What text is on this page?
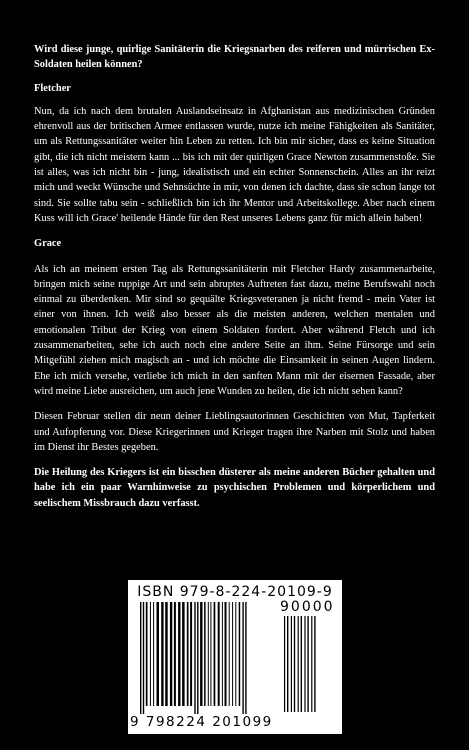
Wird diese junge, quirlige Sanitäterin die Kriegsnarben des reiferen und mürrischen Ex-Soldaten heilen können?

Fletcher

Nun, da ich nach dem brutalen Auslandseinsatz in Afghanistan aus medizinischen Gründen ehrenvoll aus der britischen Armee entlassen wurde, nutze ich meine Fähigkeiten als Sanitäter, um als Rettungssanitäter weiter hin Leben zu retten. Ich bin mir sicher, dass es keine Situation gibt, die ich nicht meistern kann ... bis ich mit der quirligen Grace Newton zusammenstoße. Sie ist alles, was ich nicht bin - jung, idealistisch und ein echter Sonnenschein. Alles an ihr reizt mich und weckt Wünsche und Sehnsüchte in mir, von denen ich dachte, dass sie schon lange tot sind. Sie sollte tabu sein - schließlich bin ich ihr Mentor und Arbeitskollege. Aber nach einem Kuss will ich Grace' heilende Hände für den Rest unseres Lebens ganz für mich allein haben!

Grace

Als ich an meinem ersten Tag als Rettungssanitäterin mit Fletcher Hardy zusammenarbeite, bringen mich seine ruppige Art und sein abruptes Auftreten fast dazu, meine Berufswahl noch einmal zu überdenken. Mir sind so gequälte Kriegsveteranen ja nicht fremd - mein Vater ist einer von ihnen. Ich weiß also besser als die meisten anderen, welchen mentalen und emotionalen Tribut der Krieg von einem Soldaten fordert. Aber während Fletch und ich zusammenarbeiten, sehe ich auch noch eine andere Seite an ihm. Seine Fürsorge und sein Mitgefühl ziehen mich magisch an - und ich möchte die Einsamkeit in seinen Augen lindern. Ehe ich mich versehe, verliebe ich mich in den sanften Mann mit der eisernen Fassade, aber wird meine Liebe ausreichen, um auch jene Wunden zu heilen, die ich nicht sehen kann?

Diesen Februar stellen dir neun deiner Lieblingsautorinnen Geschichten von Mut, Tapferkeit und Aufopferung vor. Diese Kriegerinnen und Krieger tragen ihre Narben mit Stolz und haben im Dienst ihr Bestes gegeben.

Die Heilung des Kriegers ist ein bisschen düsterer als meine anderen Bücher gehalten und habe ich ein paar Warnhinweise zu psychischen Problemen und körperlichem und seelischem Missbrauch dazu verfasst.

ISBN 979-8-224-20109-9
90000
9 798224 201099
